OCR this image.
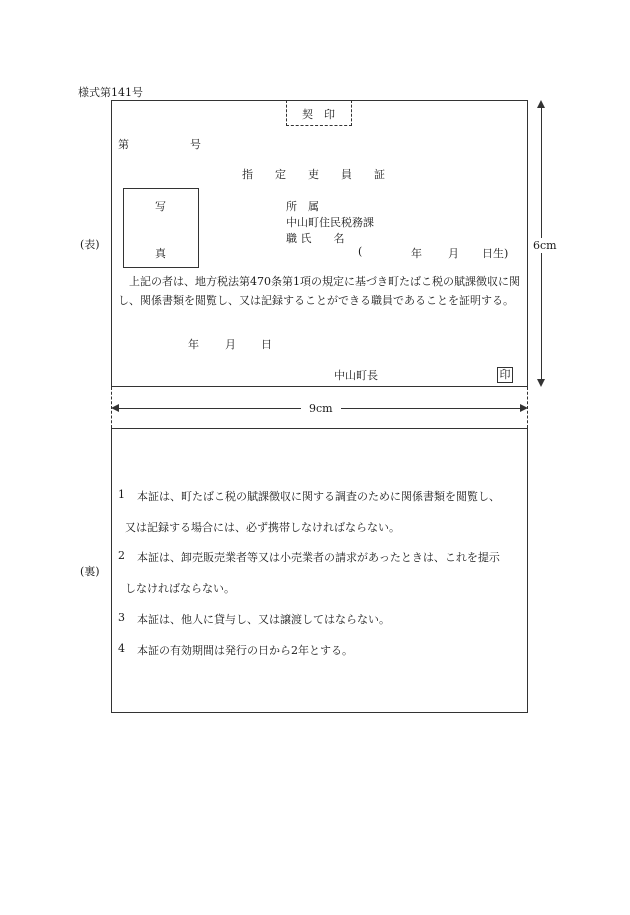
様式第141号
(表)
契　印
第	号
指定吏員証
写
真
所　属
中山町住民税務課
職 氏　　名
(	年 月 日生)
上記の者は、地方税法第470条第1項の規定に基づき町たばこ税の賦課徴収に関し、関係書類を閲覧し、又は記録することができる職員であることを証明する。
年 月 日
中山町長	印
6cm
9cm
(裏)
1 本証は、町たばこ税の賦課徴収に関する調査のために関係書類を閲覧し、
又は記録する場合には、必ず携帯しなければならない。
2 本証は、卸売販売業者等又は小売業者の請求があったときは、これを提示
しなければならない。
3 本証は、他人に貸与し、又は譲渡してはならない。
4 本証の有効期間は発行の日から2年とする。
